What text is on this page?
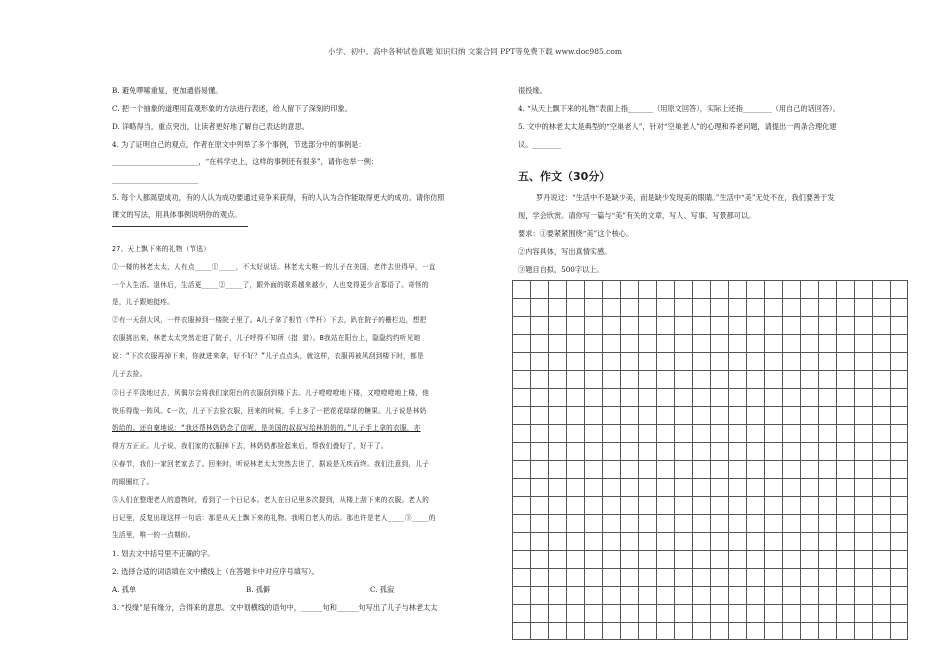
小学、初中、高中各种试卷真题 知识归纳 文案合同 PPT等免费下载 www.doc985.com
B. 避免啰嗦重复，更加通俗易懂。
C. 把一个抽象的道理用直观形象的方法进行表述，给人留下了深刻的印象。
D. 详略得当，重点突出，让读者更好地了解自己表达的意思。
4. 为了证明自己的观点，作者在原文中列举了多个事例，节选部分中的事例是：
________________________，“在科学史上，这样的事例还有很多”，请你也举一例：
________________________
5. 每个人都渴望成功，有的人认为成功要通过竞争来获得，有的人认为合作能取得更大的成功。请你仿照
课文的写法，用具体事例说明你的观点。
27、天上飘下来的礼物（节选）
①一楼的林老太太，人有点____①____，不太好说话。林老太太唯一的儿子在美国，老伴去世得早，一直
一个人生活。退休后，生活更____②____了，跟外面的联系越来越少，人也变得更少言寡语了。奇怪的
是，儿子跟她挺疼。
②有一天刮大风，一件衣服掉到一楼院子里了。A儿子拿了根竹（竿杆）下去，趴在院子的栅栏边，想把
衣服挑出来，林老太太突然走进了院子，儿子呼得不知所（措 猎）。B我站在阳台上，隐隐约约听见她
说：“下次衣服再掉下来，你就进来拿，好不好？”儿子点点头，就这样，衣服再被风刮到楼下时，都是
儿子去捡。
③日子平淡地过去，风偶尔会将我们家阳台的衣服刮到楼下去。儿子噔噔噔地下楼，又噔噔噔地上楼，他
快乐得像一阵风。C一次，儿子下去捡衣服，回来的时候，手上多了一把花花绿绿的糖果。儿子说是林奶
奶给的。还自豪地说：“我还帮林奶奶念了信呢，是美国的叔叔写给林奶奶的。”儿子手上拿的衣服，亦
得方方正正。儿子说，我们家的衣服掉下去，林奶奶都捡起来后，帮我们叠好了，好干了。
④春节，我们一家回老家去了。回来时，听说林老太太突然去世了，据说是无疾而终。我们注意到，儿子
的眼圈红了。
⑤人们在整理老人的遗物时，看到了一个日记本。老人在日记里多次提到，从楼上刮下来的衣服。老人的
日记里，反复出现这样一句话：那是从天上飘下来的礼物。我明白老人的话。那也许是老人____③____的
生活里，唯一的一点期盼。
1. 划去文中括号里不正确的字。
2. 选择合适的词语填在文中横线上（在答题卡中对应序号填写）。
A. 孤单	B. 孤僻	C. 孤寂
3. “投缘”是有缘分，合得来的意思。文中划横线的语句中，______句和______句写出了儿子与林老太太
很投缘。
4. “从天上飘下来的礼物”表面上指_______（用原文回答），实际上还指________（用自己的话回答）。
5. 文中的林老太太是典型的“空巢老人”，针对“空巢老人”的心理和养老问题，请提出一两条合理化建
议。________
五、作文（30分）
罗丹说过：“生活中不是缺少美，而是缺少发现美的眼睛。”生活中“美”无处不在，我们要善于发
现，学会欣赏。请你写一篇与“美”有关的文章，写人、写事、写景都可以。
要求：①要紧紧围绕“美”这个核心。
②内容具体，写出真情实感。
③题目自拟，500字以上。
